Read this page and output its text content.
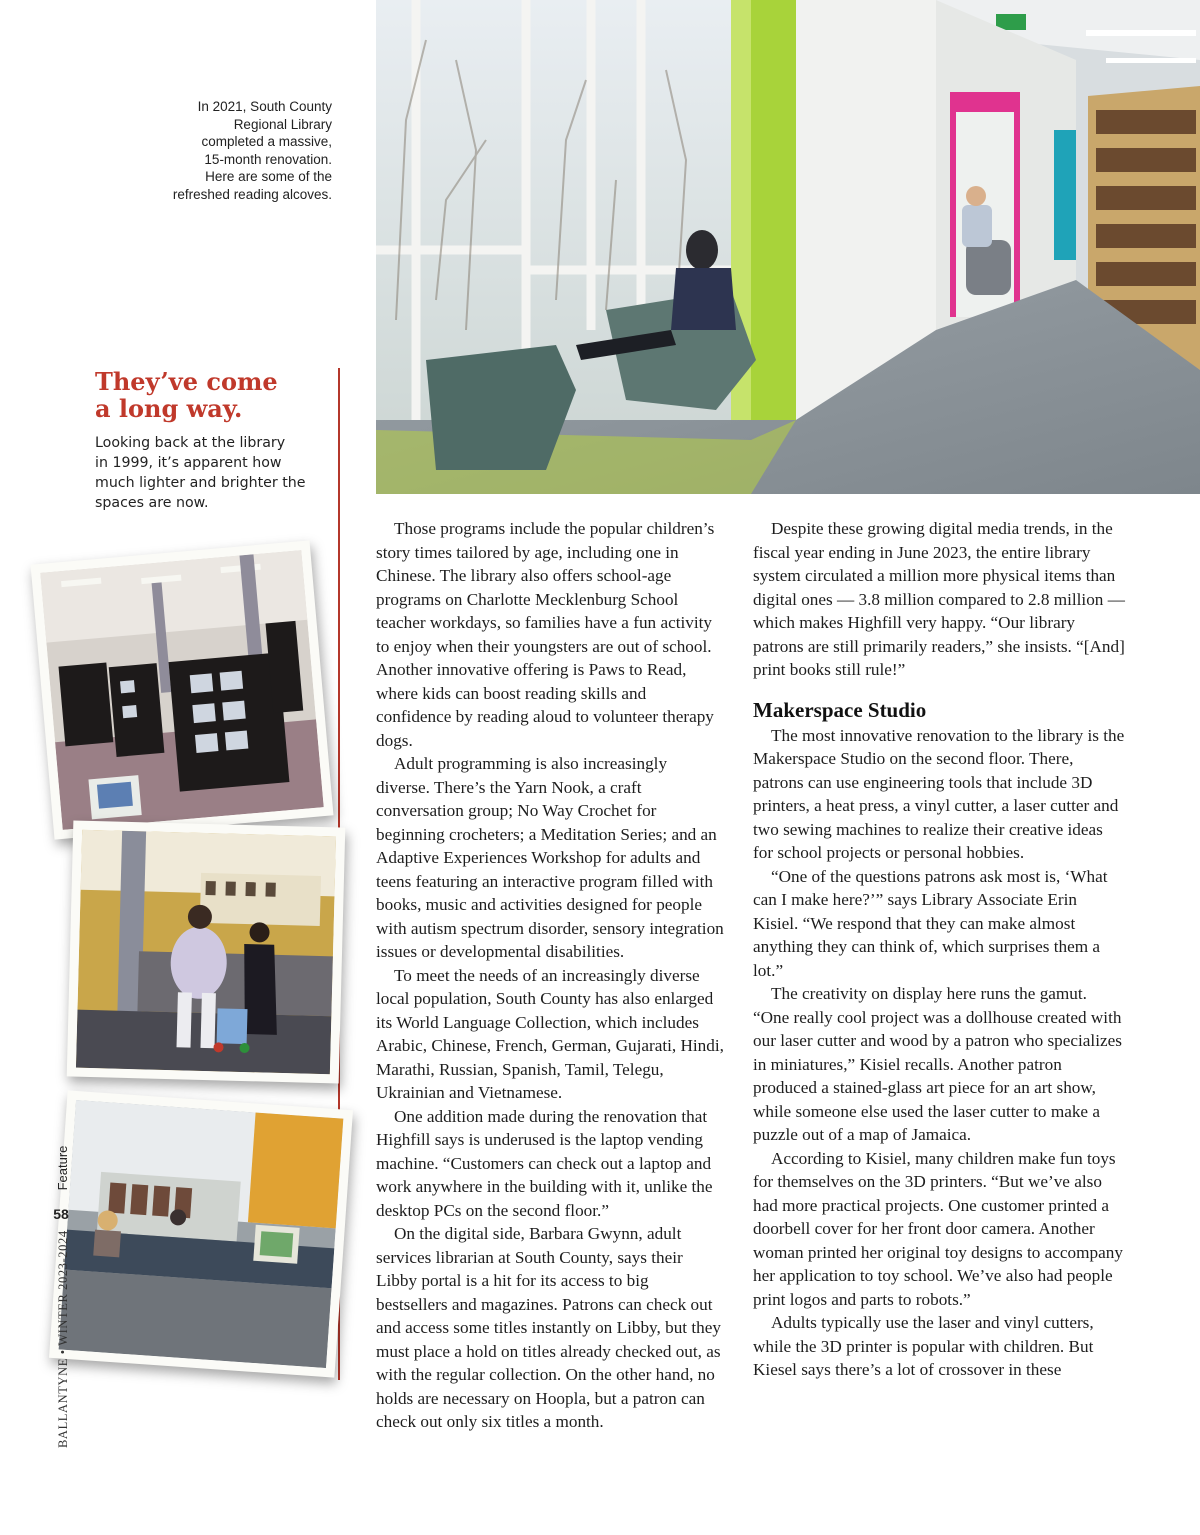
In 2021, South County
Regional Library
completed a massive,
15-month renovation.
Here are some of the
refreshed reading alcoves.
They’ve come
a long way.
Looking back at the library
in 1999, it’s apparent how
much lighter and brighter the
spaces are now.

Those programs include the popular children’s story times tailored by age, including one in Chinese. The library also offers school-age programs on Charlotte Mecklenburg School teacher workdays, so families have a fun activity to enjoy when their youngsters are out of school. Another innovative offering is Paws to Read, where kids can boost reading skills and confidence by reading aloud to volunteer therapy dogs.

Adult programming is also increasingly diverse. There’s the Yarn Nook, a craft conversation group; No Way Crochet for beginning crocheters; a Meditation Series; and an Adaptive Experiences Workshop for adults and teens featuring an interactive program filled with books, music and activities designed for people with autism spectrum disorder, sensory integration issues or developmental disabilities.

To meet the needs of an increasingly diverse local population, South County has also enlarged its World Language Collection, which includes Arabic, Chinese, French, German, Gujarati, Hindi, Marathi, Russian, Spanish, Tamil, Telegu, Ukrainian and Vietnamese.

One addition made during the renovation that Highfill says is underused is the laptop vending machine. “Customers can check out a laptop and work anywhere in the building with it, unlike the desktop PCs on the second floor.”

On the digital side, Barbara Gwynn, adult services librarian at South County, says their Libby portal is a hit for its access to big bestsellers and magazines. Patrons can check out and access some titles instantly on Libby, but they must place a hold on titles already checked out, as with the regular collection. On the other hand, no holds are necessary on Hoopla, but a patron can check out only six titles a month.

Despite these growing digital media trends, in the fiscal year ending in June 2023, the entire library system circulated a million more physical items than digital ones — 3.8 million compared to 2.8 million — which makes Highfill very happy. “Our library patrons are still primarily readers,” she insists. “[And] print books still rule!”

Makerspace Studio

The most innovative renovation to the library is the Makerspace Studio on the second floor. There, patrons can use engineering tools that include 3D printers, a heat press, a vinyl cutter, a laser cutter and two sewing machines to realize their creative ideas for school projects or personal hobbies.

“One of the questions patrons ask most is, ‘What can I make here?’” says Library Associate Erin Kisiel. “We respond that they can make almost anything they can think of, which surprises them a lot.”

The creativity on display here runs the gamut. “One really cool project was a dollhouse created with our laser cutter and wood by a patron who specializes in miniatures,” Kisiel recalls. Another patron produced a stained-glass art piece for an art show, while someone else used the laser cutter to make a puzzle out of a map of Jamaica.

According to Kisiel, many children make fun toys for themselves on the 3D printers. “But we’ve also had more practical projects. One customer printed a doorbell cover for her front door camera. Another woman printed her original toy designs to accompany her application to toy school. We’ve also had people print logos and parts to robots.”

Adults typically use the laser and vinyl cutters, while the 3D printer is popular with children. But Kiesel says there’s a lot of crossover in these

Feature
58
BALLANTYNE • WINTER 2023-2024
